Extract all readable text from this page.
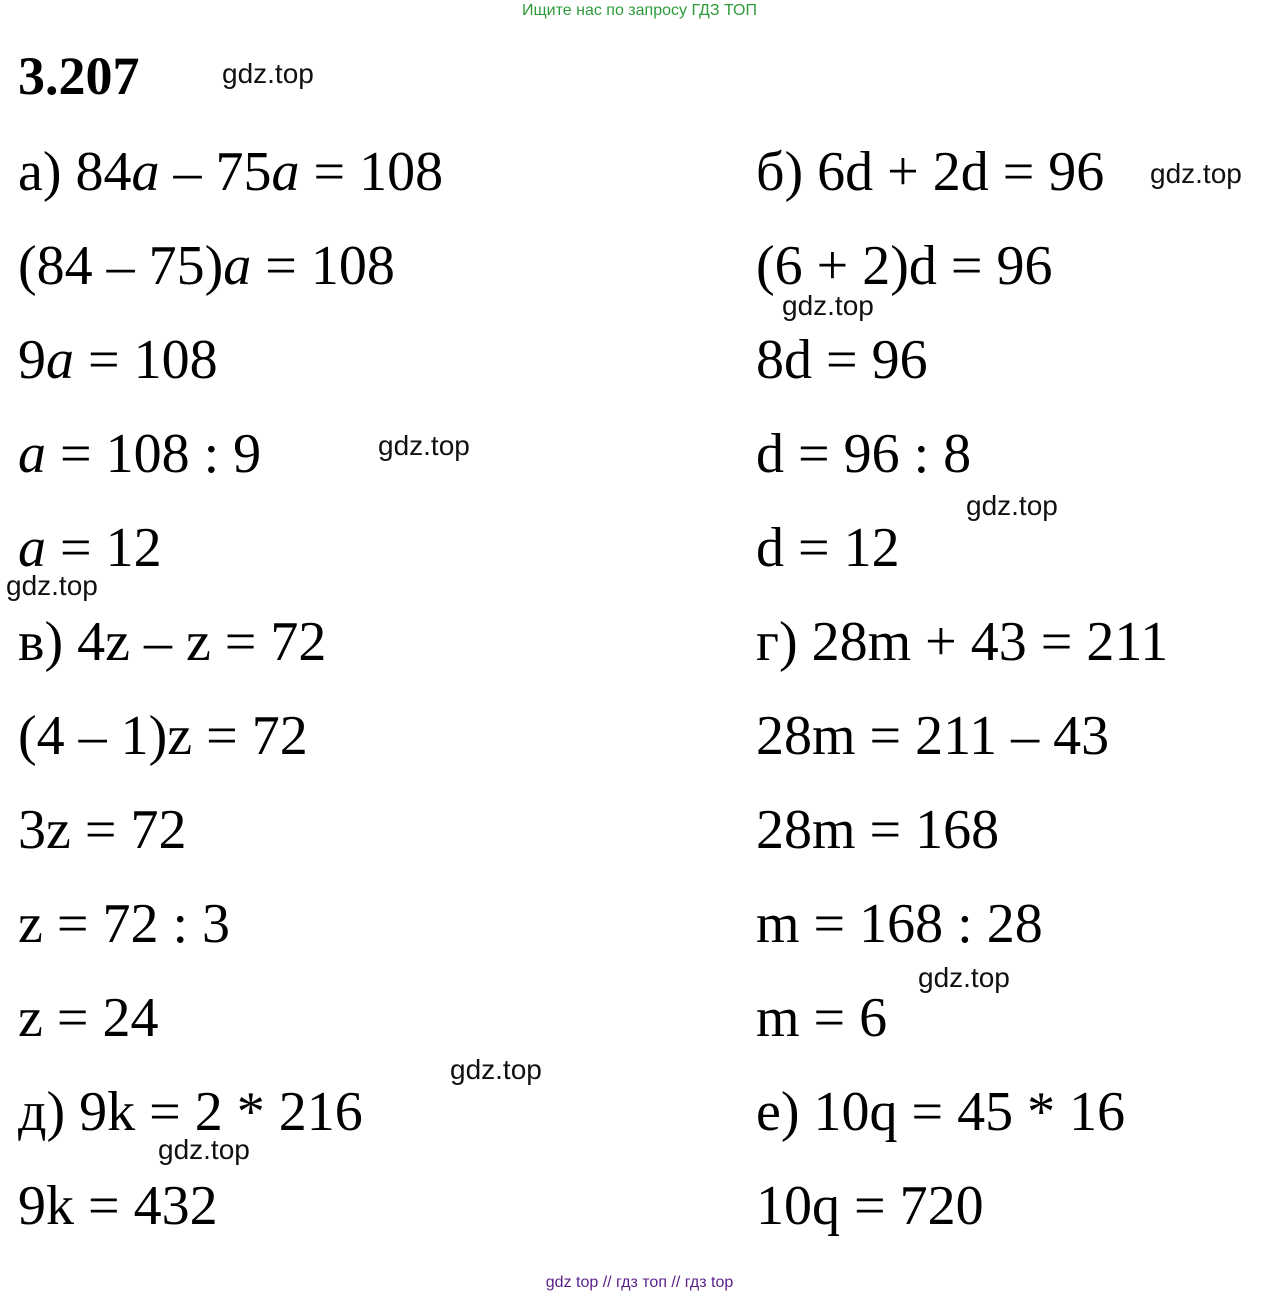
Ищите нас по запросу ГДЗ ТОП
3.207	gdz.top
gdz.top
gdz.top
gdz.top
gdz.top
gdz.top
gdz.top
gdz.top
gdz.top
а) 84a – 75a = 108
(84 – 75)a = 108
9a = 108
a = 108 : 9
a = 12
в) 4z – z = 72
(4 – 1)z = 72
3z = 72
z = 72 : 3
z = 24
д) 9k = 2 * 216
9k = 432
б) 6d + 2d = 96
(6 + 2)d = 96
8d = 96
d = 96 : 8
d = 12
г) 28m + 43 = 211
28m = 211 – 43
28m = 168
m = 168 : 28
m = 6
е) 10q = 45 * 16
10q = 720
gdz top // гдз топ // гдз top
